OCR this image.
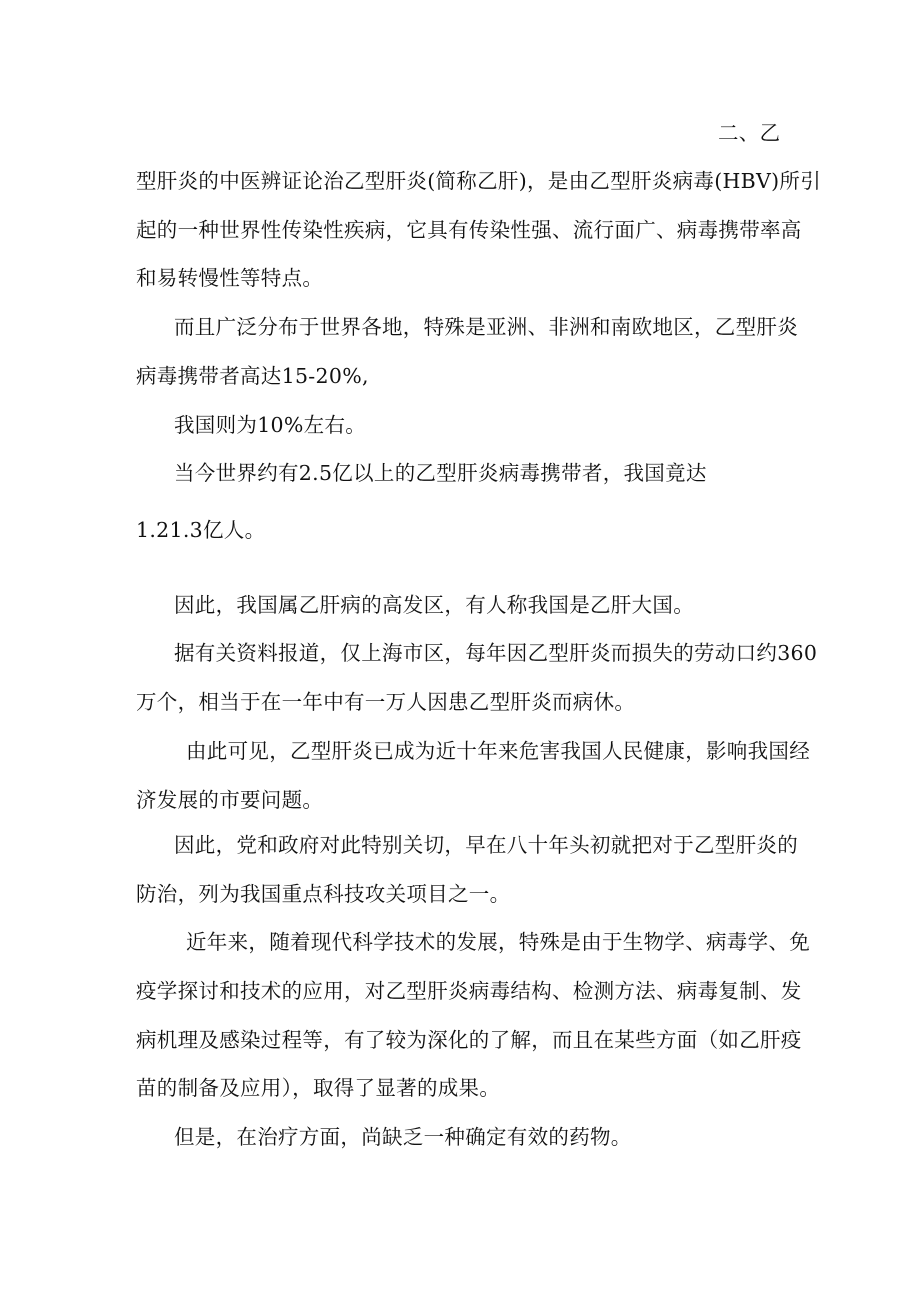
二、乙
型肝炎的中医辨证论治乙型肝炎(简称乙肝)，是由乙型肝炎病毒(HBV)所引
起的一种世界性传染性疾病，它具有传染性强、流行面广、病毒携带率高
和易转慢性等特点。
而且广泛分布于世界各地，特殊是亚洲、非洲和南欧地区，乙型肝炎
病毒携带者高达15-20%,
我国则为10%左右。
当今世界约有2.5亿以上的乙型肝炎病毒携带者，我国竟达
1.21.3亿人。
因此，我国属乙肝病的高发区，有人称我国是乙肝大国。
据有关资料报道，仅上海市区，每年因乙型肝炎而损失的劳动口约360
万个，相当于在一年中有一万人因患乙型肝炎而病休。
由此可见，乙型肝炎已成为近十年来危害我国人民健康，影响我国经
济发展的市要问题。
因此，党和政府对此特别关切，早在八十年头初就把对于乙型肝炎的
防治，列为我国重点科技攻关项目之一。
近年来，随着现代科学技术的发展，特殊是由于生物学、病毒学、免
疫学探讨和技术的应用，对乙型肝炎病毒结构、检测方法、病毒复制、发
病机理及感染过程等，有了较为深化的了解，而且在某些方面（如乙肝疫
苗的制备及应用），取得了显著的成果。
但是，在治疗方面，尚缺乏一种确定有效的药物。
